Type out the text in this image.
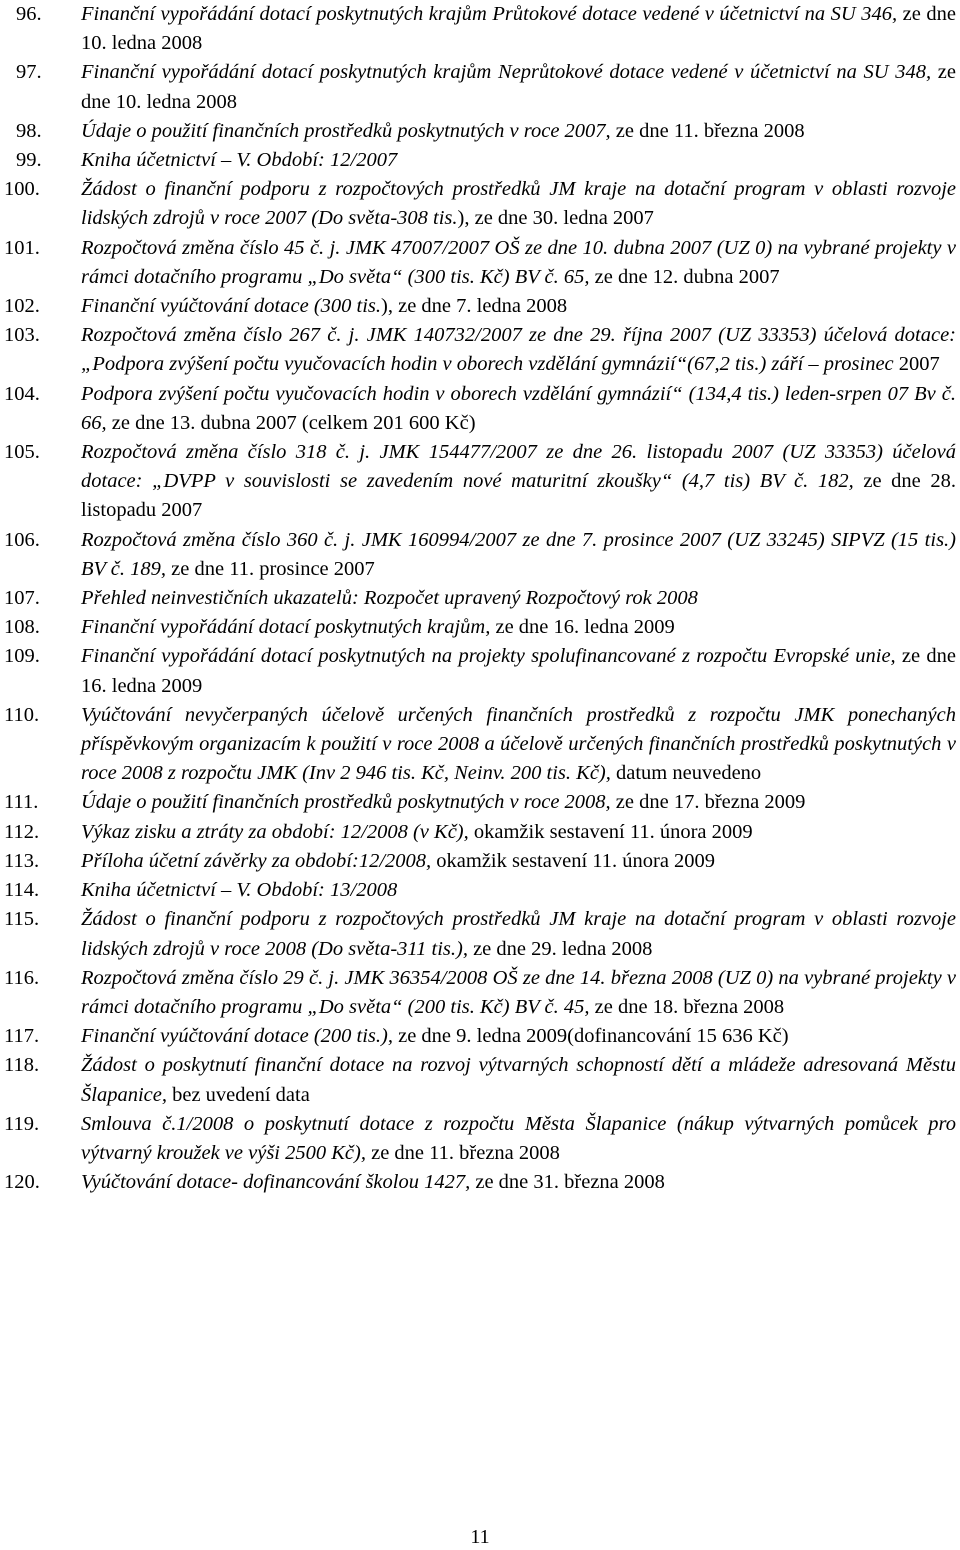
96. Finanční vypořádání dotací poskytnutých krajům Průtokové dotace vedené v účetnictví na SU 346, ze dne 10. ledna 2008
97. Finanční vypořádání dotací poskytnutých krajům Neprůtokové dotace vedené v účetnictví na SU 348, ze dne 10. ledna 2008
98. Údaje o použití finančních prostředků poskytnutých v roce 2007, ze dne 11. března 2008
99. Kniha účetnictví – V. Období: 12/2007
100. Žádost o finanční podporu z rozpočtových prostředků JM kraje na dotační program v oblasti rozvoje lidských zdrojů v roce 2007 (Do světa-308 tis.), ze dne 30. ledna 2007
101. Rozpočtová změna číslo 45 č. j. JMK 47007/2007 OŠ ze dne 10. dubna 2007 (UZ 0) na vybrané projekty v rámci dotačního programu „Do světa“ (300 tis. Kč) BV č. 65, ze dne 12. dubna 2007
102. Finanční vyúčtování dotace (300 tis.), ze dne 7. ledna 2008
103. Rozpočtová změna číslo 267 č. j. JMK 140732/2007 ze dne 29. října 2007 (UZ 33353) účelová dotace: „Podpora zvýšení počtu vyučovacích hodin v oborech vzdělání gymnázií“(67,2 tis.) září – prosinec 2007
104. Podpora zvýšení počtu vyučovacích hodin v oborech vzdělání gymnázií“ (134,4 tis.) leden-srpen 07 Bv č. 66, ze dne 13. dubna 2007 (celkem 201 600 Kč)
105. Rozpočtová změna číslo 318 č. j. JMK 154477/2007 ze dne 26. listopadu 2007 (UZ 33353) účelová dotace: „DVPP v souvislosti se zavedením nové maturitní zkoušky“ (4,7 tis) BV č. 182, ze dne 28. listopadu 2007
106. Rozpočtová změna číslo 360 č. j. JMK 160994/2007 ze dne 7. prosince 2007 (UZ 33245) SIPVZ (15 tis.) BV č. 189, ze dne 11. prosince 2007
107. Přehled neinvestičních ukazatelů: Rozpočet upravený Rozpočtový rok 2008
108. Finanční vypořádání dotací poskytnutých krajům, ze dne 16. ledna 2009
109. Finanční vypořádání dotací poskytnutých na projekty spolufinancované z rozpočtu Evropské unie, ze dne 16. ledna 2009
110. Vyúčtování nevyčerpaných účelově určených finančních prostředků z rozpočtu JMK ponechaných příspěvkovým organizacím k použití v roce 2008 a účelově určených finančních prostředků poskytnutých v roce 2008 z rozpočtu JMK (Inv 2 946 tis. Kč, Neinv. 200 tis. Kč), datum neuvedeno
111. Údaje o použití finančních prostředků poskytnutých v roce 2008, ze dne 17. března 2009
112. Výkaz zisku a ztráty za období: 12/2008 (v Kč), okamžik sestavení 11. února 2009
113. Příloha účetní závěrky za období:12/2008, okamžik sestavení 11. února 2009
114. Kniha účetnictví – V. Období: 13/2008
115. Žádost o finanční podporu z rozpočtových prostředků JM kraje na dotační program v oblasti rozvoje lidských zdrojů v roce 2008 (Do světa-311 tis.), ze dne 29. ledna 2008
116. Rozpočtová změna číslo 29 č. j. JMK 36354/2008 OŠ ze dne 14. března 2008 (UZ 0) na vybrané projekty v rámci dotačního programu „Do světa“ (200 tis. Kč) BV č. 45, ze dne 18. března 2008
117. Finanční vyúčtování dotace (200 tis.), ze dne 9. ledna 2009(dofinancování 15 636 Kč)
118. Žádost o poskytnutí finanční dotace na rozvoj výtvarných schopností dětí a mládeže adresovaná Městu Šlapanice, bez uvedení data
119. Smlouva č.1/2008 o poskytnutí dotace z rozpočtu Města Šlapanice (nákup výtvarných pomůcek pro výtvarný kroužek ve výši 2500 Kč), ze dne 11. března 2008
120. Vyúčtování dotace- dofinancování školou 1427, ze dne 31. března 2008
11
